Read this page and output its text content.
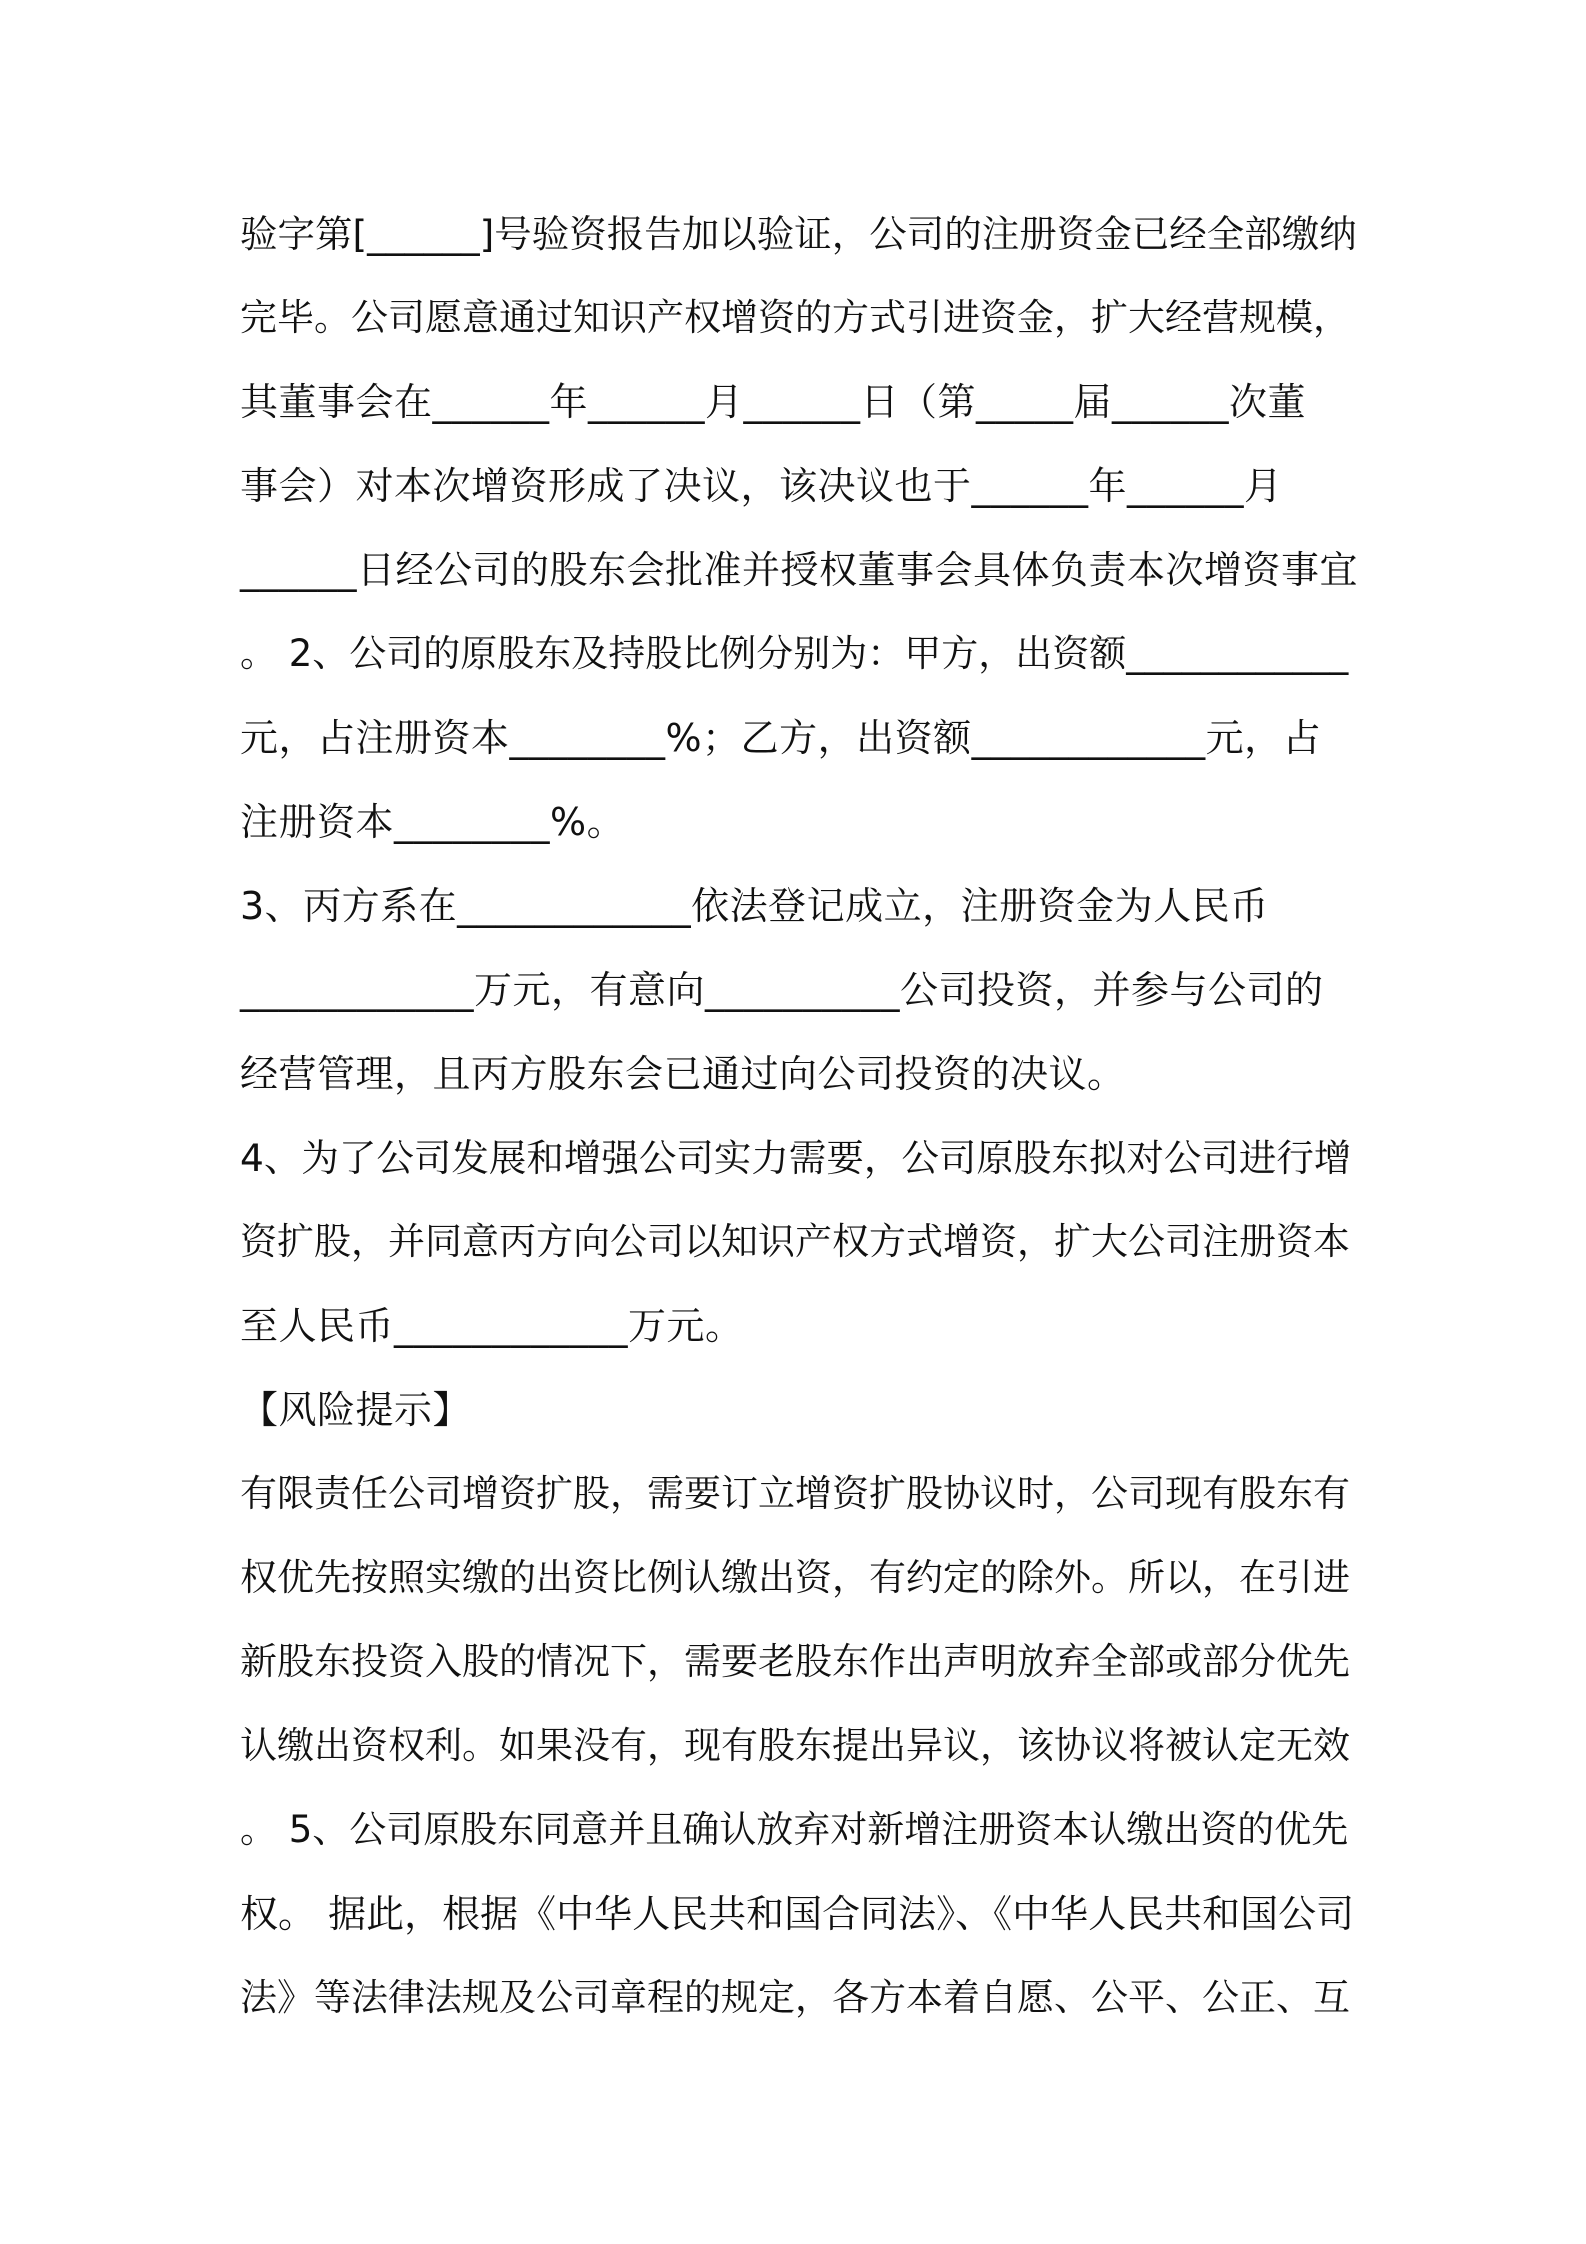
验字第[______]号验资报告加以验证，公司的注册资金已经全部缴纳
完毕。公司愿意通过知识产权增资的方式引进资金，扩大经营规模，
其董事会在______年______月______日（第_____届______次董
事会）对本次增资形成了决议，该决议也于______年______月
______日经公司的股东会批准并授权董事会具体负责本次增资事宜
。 2、公司的原股东及持股比例分别为：甲方，出资额____________
元，占注册资本________%；乙方，出资额____________元，占
注册资本________%。
3、丙方系在____________依法登记成立，注册资金为人民币
____________万元，有意向__________公司投资，并参与公司的
经营管理，且丙方股东会已通过向公司投资的决议。
4、为了公司发展和增强公司实力需要，公司原股东拟对公司进行增
资扩股，并同意丙方向公司以知识产权方式增资，扩大公司注册资本
至人民币____________万元。
【风险提示】
有限责任公司增资扩股，需要订立增资扩股协议时，公司现有股东有
权优先按照实缴的出资比例认缴出资，有约定的除外。所以，在引进
新股东投资入股的情况下，需要老股东作出声明放弃全部或部分优先
认缴出资权利。如果没有，现有股东提出异议，该协议将被认定无效
。 5、公司原股东同意并且确认放弃对新增注册资本认缴出资的优先
权。 据此，根据《中华人民共和国合同法》、《中华人民共和国公司
法》等法律法规及公司章程的规定，各方本着自愿、公平、公正、互
